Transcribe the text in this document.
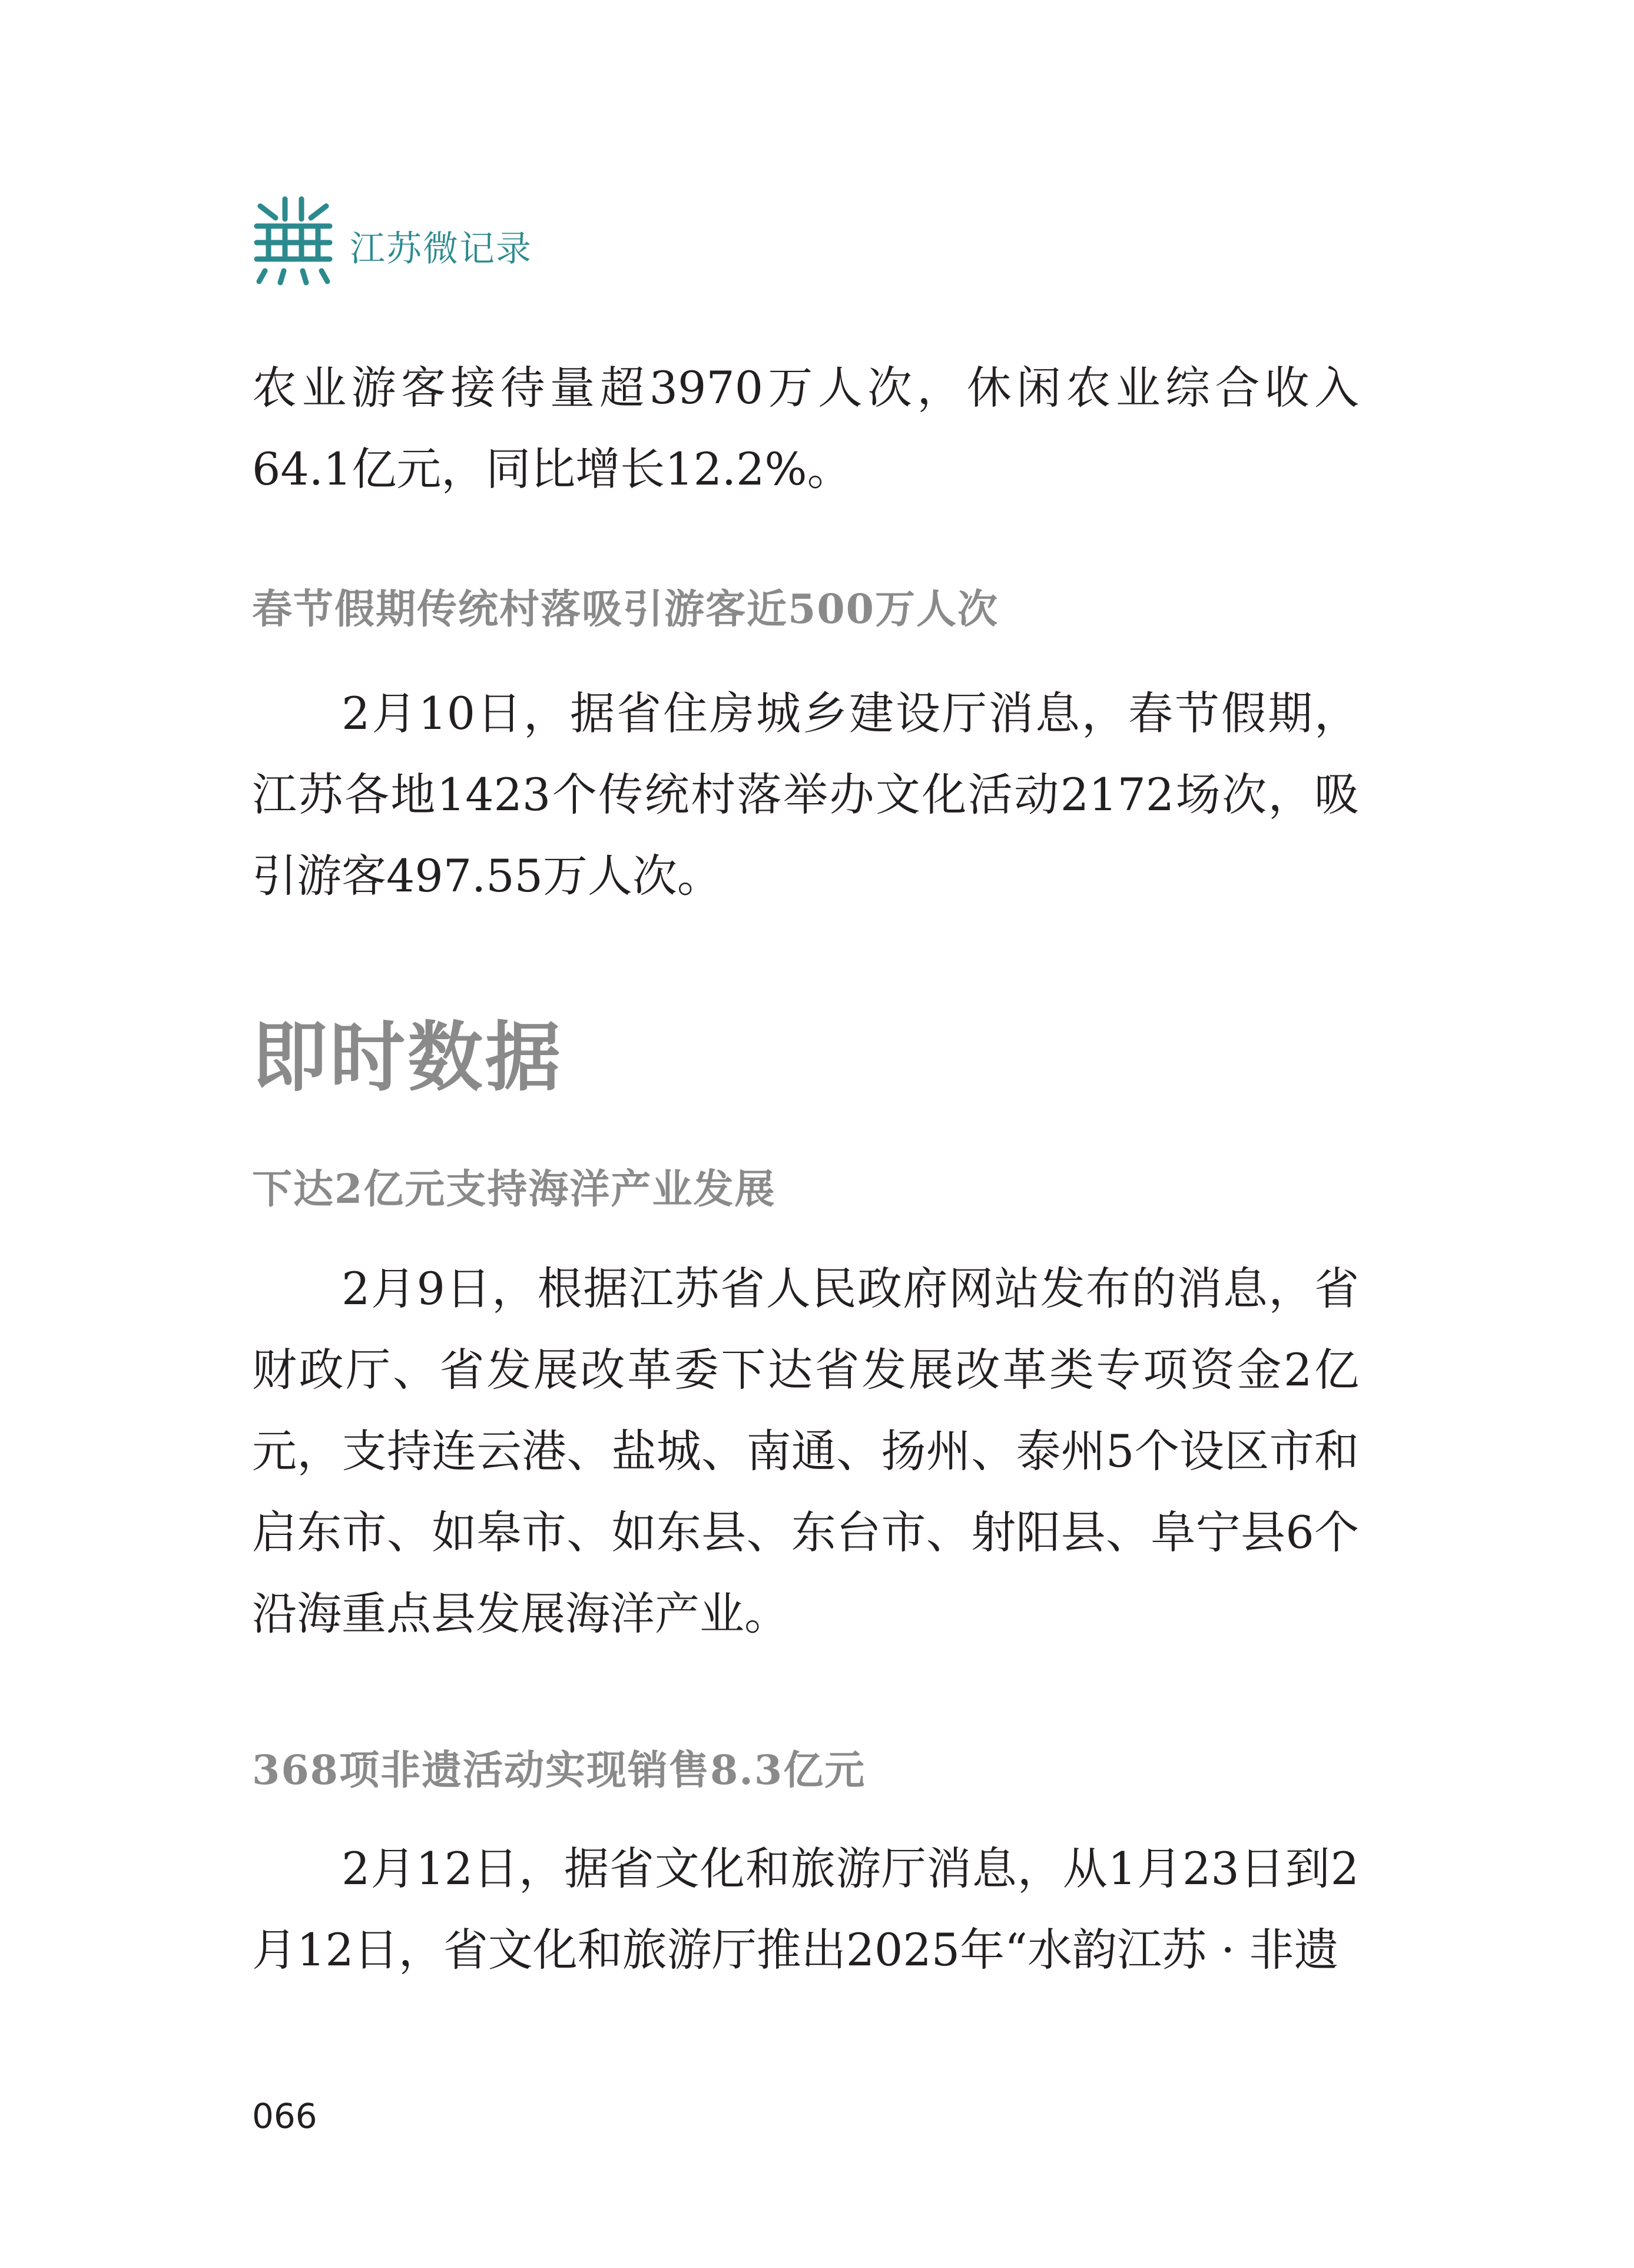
江苏微记录

农业游客接待量超3970万人次，休闲农业综合收入64.1亿元，同比增长12.2%。

春节假期传统村落吸引游客近500万人次

2月10日，据省住房城乡建设厅消息，春节假期，江苏各地1423个传统村落举办文化活动2172场次，吸引游客497.55万人次。

即时数据
下达2亿元支持海洋产业发展

2月9日，根据江苏省人民政府网站发布的消息，省财政厅、省发展改革委下达省发展改革类专项资金2亿元，支持连云港、盐城、南通、扬州、泰州5个设区市和启东市、如皋市、如东县、东台市、射阳县、阜宁县6个沿海重点县发展海洋产业。

368项非遗活动实现销售8.3亿元

2月12日，据省文化和旅游厅消息，从1月23日到2月12日，省文化和旅游厅推出2025年“水韵江苏 · 非遗

066
